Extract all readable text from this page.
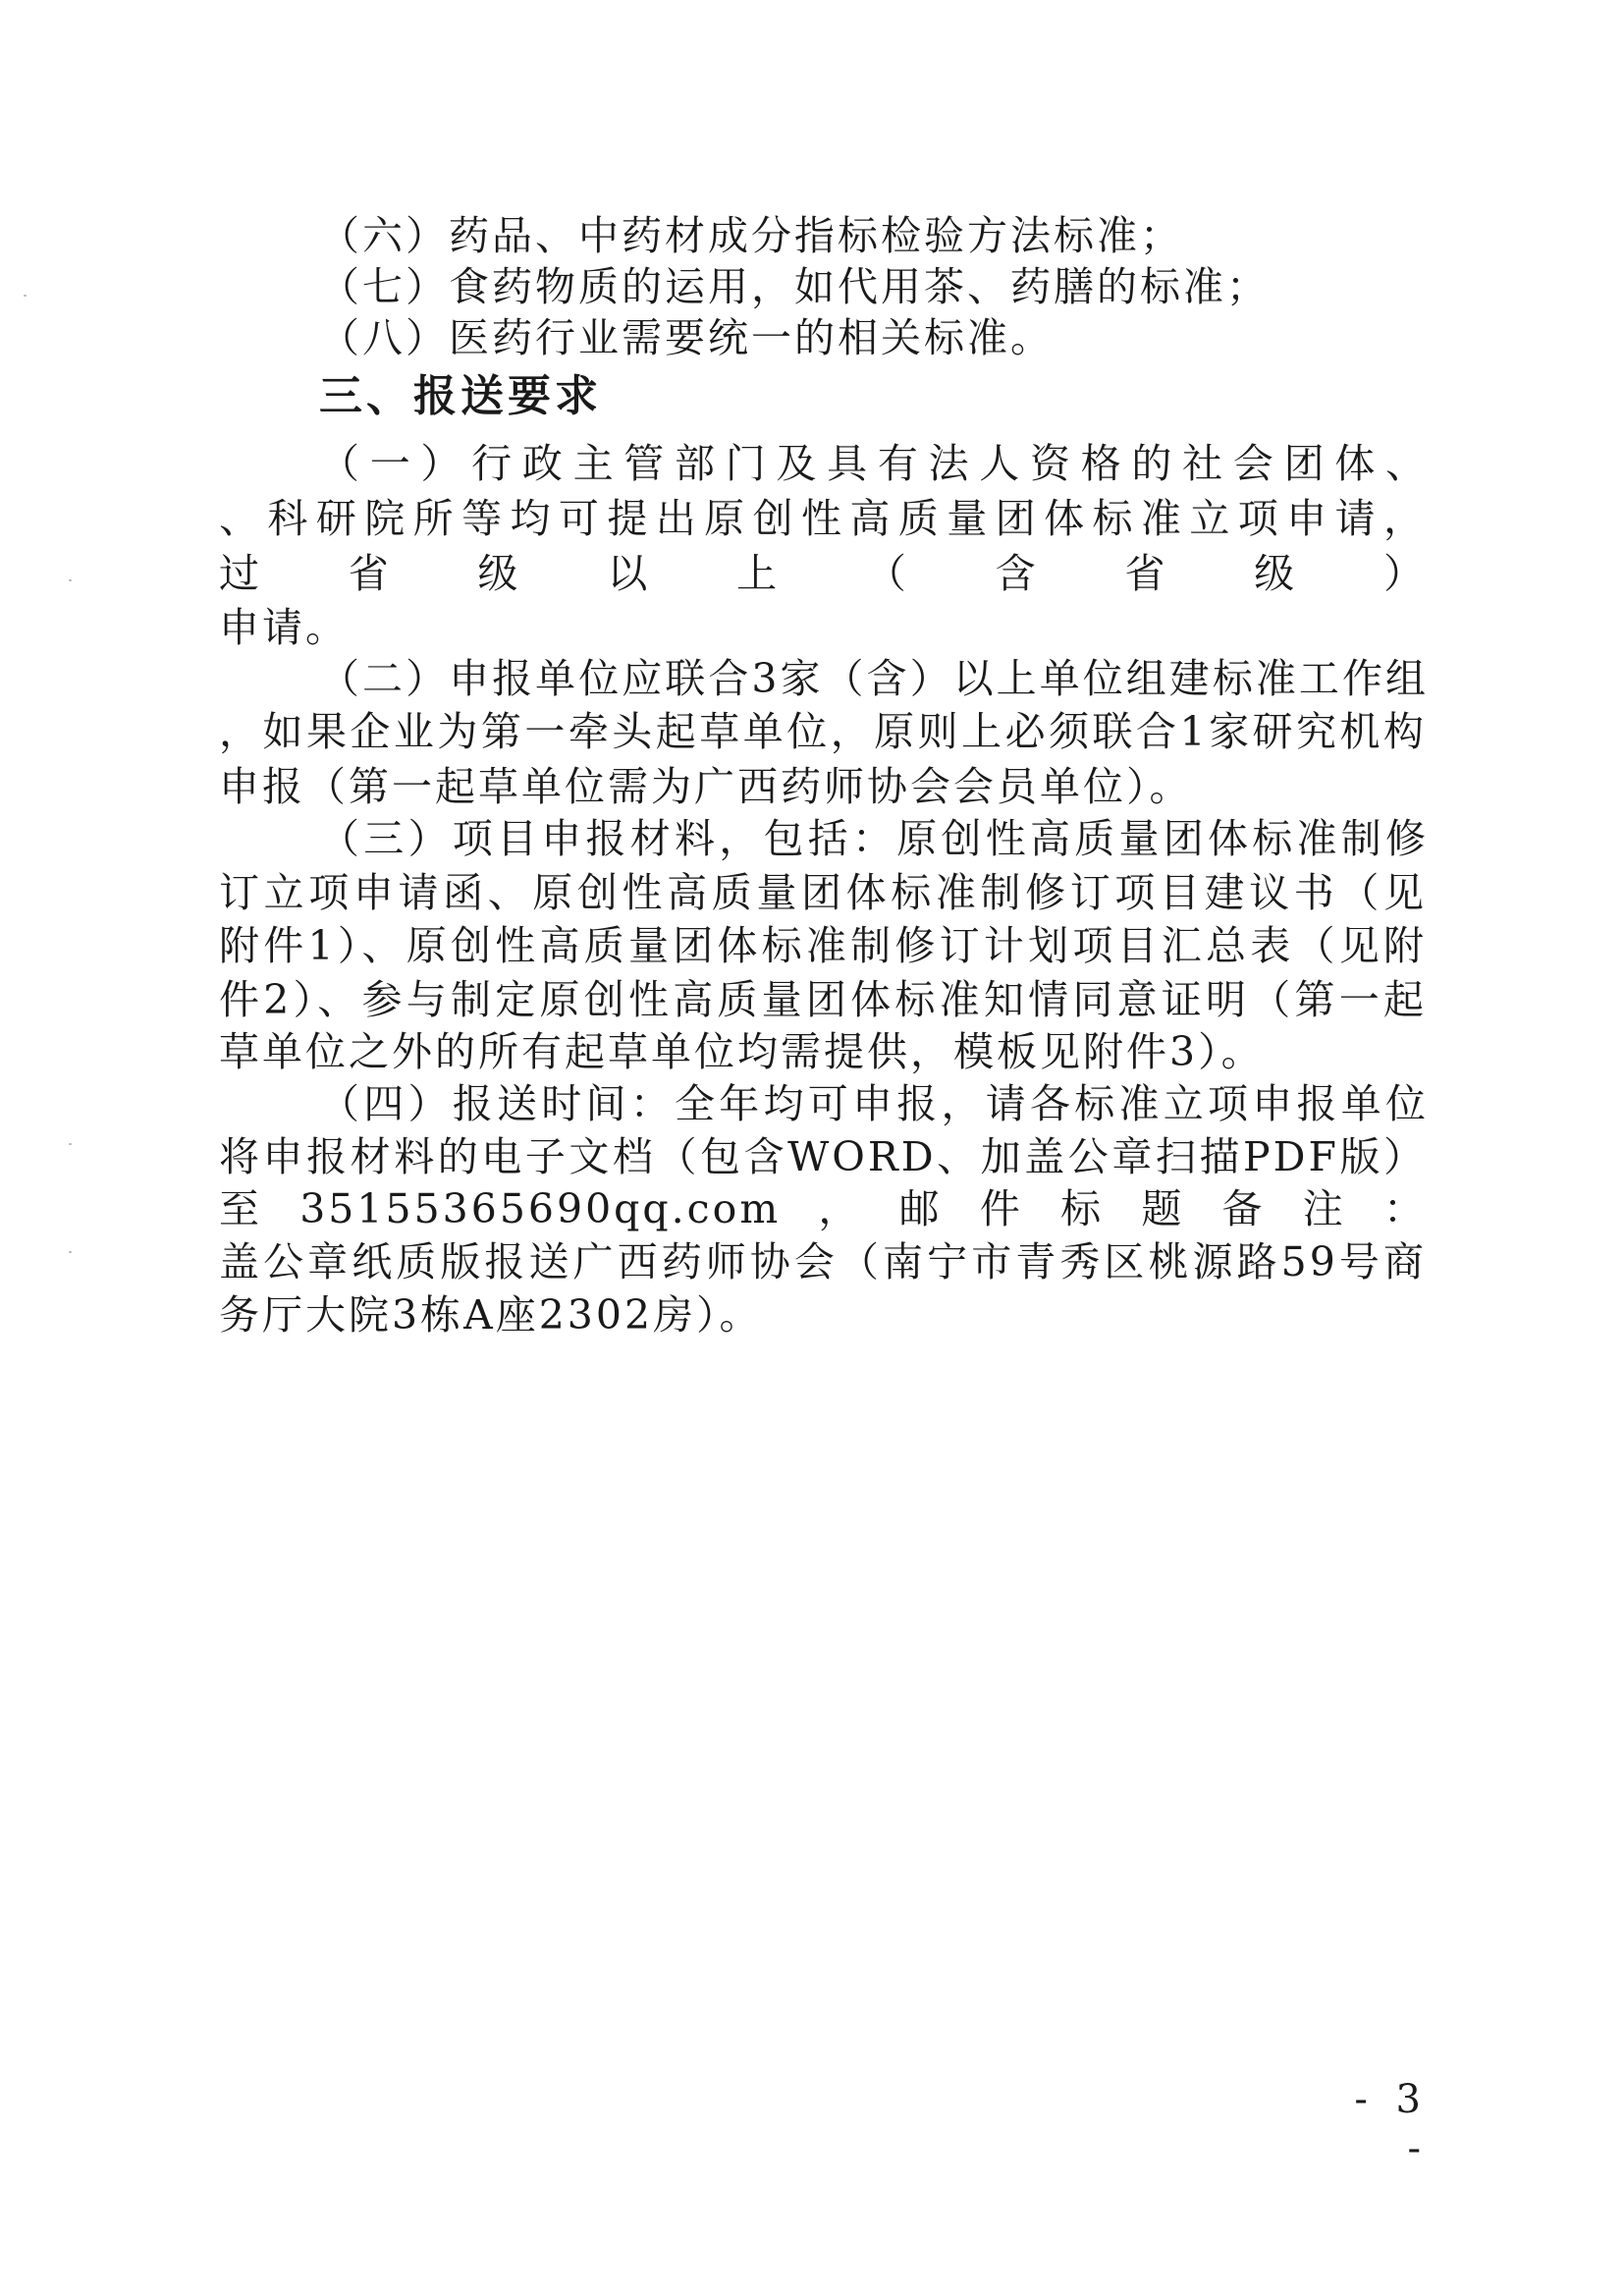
（六）药品、中药材成分指标检验方法标准；
（七）食药物质的运用，如代用茶、药膳的标准；
（八）医药行业需要统一的相关标准。
三、报送要求
（一）行政主管部门及具有法人资格的社会团体、
、科研院所等均可提出原创性高质量团体标准立项申请，
过省级以上（含省级）
申请。
（二）申报单位应联合3家（含）以上单位组建标准工作组
，如果企业为第一牵头起草单位，原则上必须联合1家研究机构
申报（第一起草单位需为广西药师协会会员单位）。
（三）项目申报材料，包括：原创性高质量团体标准制修
订立项申请函、原创性高质量团体标准制修订项目建议书（见
附件1）、原创性高质量团体标准制修订计划项目汇总表（见附
件2）、参与制定原创性高质量团体标准知情同意证明（第一起
草单位之外的所有起草单位均需提供，模板见附件3）。
（四）报送时间：全年均可申报，请各标准立项申报单位
将申报材料的电子文档（包含WORD、加盖公章扫描PDF版）
至35155365690qq.com，邮件标题备注：
盖公章纸质版报送广西药师协会（南宁市青秀区桃源路59号商
务厅大院3栋A座2302房）。
- 3 -
